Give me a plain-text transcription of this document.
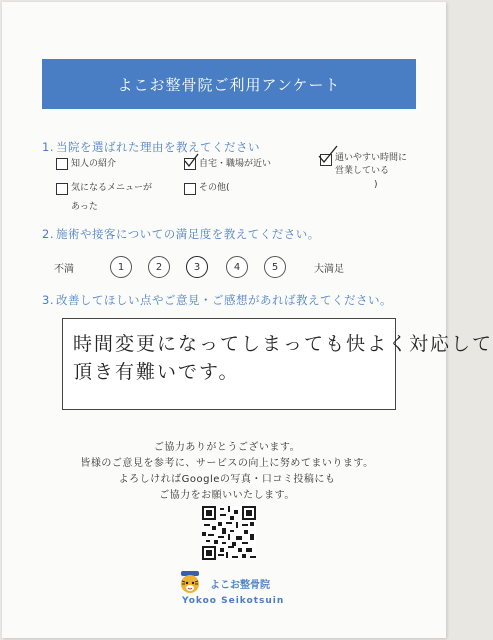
よこお整骨院ご利用アンケート
1. 当院を選ばれた理由を教えてください
知人の紹介	自宅・職場が近い
通いやすい時間に
営業している
)
気になるメニューが
あった
その他(
2. 施術や接客についての満足度を教えてください。
不満	1	2	3	4	5	大満足
3. 改善してほしい点やご意見・ご感想があれば教えてください。
時間変更になってしまっても快よく対応して
頂き有難いです。
ご協力ありがとうございます。
皆様のご意見を参考に、サービスの向上に努めてまいります。
よろしければGoogleの写真・口コミ投稿にも
ご協力をお願いいたします。
よこお整骨院
Yokoo Seikotsuin
